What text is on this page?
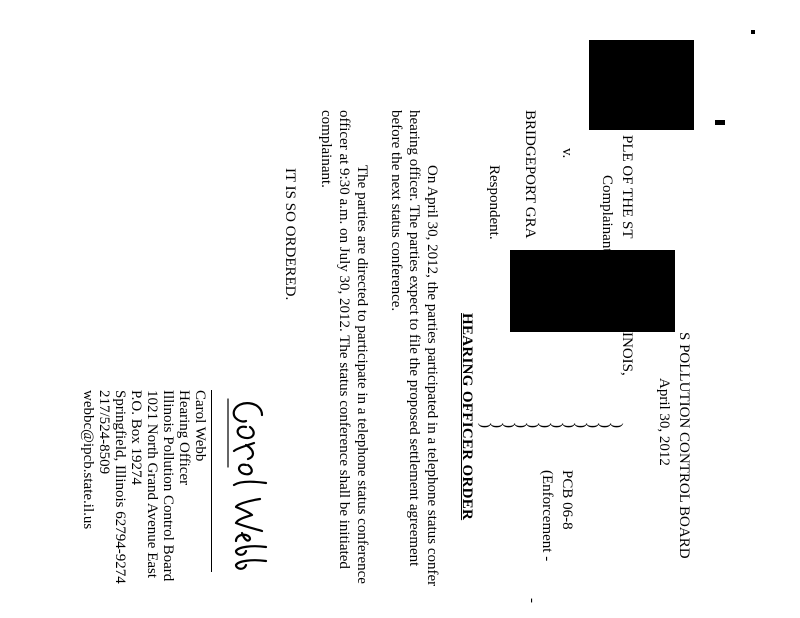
S POLLUTION CONTROL BOARD
April 30, 2012
PLE OF THE ST
INOIS,
Complainant,
v.
BRIDGEPORT GRA
Respondent.
)
)
)
)
)
)
)
)
)
)
)
)
PCB 06-8
(Enforcement -
-
HEARING OFFICER ORDER
On April 30, 2012, the parties participated in a telephone status confer
hearing officer. The parties expect to file the proposed settlement agreement
before the next status conference.
The parties are directed to participate in a telephone status conference
officer at 9:30 a.m. on July 30, 2012. The status conference shall be initiated
complainant.
IT IS SO ORDERED.
Carol Webb
Hearing Officer
Illinois Pollution Control Board
1021 North Grand Avenue East
P.O. Box 19274
Springfield, Illinois 62794-9274
217/524-8509
webbc@ipcb.state.il.us
